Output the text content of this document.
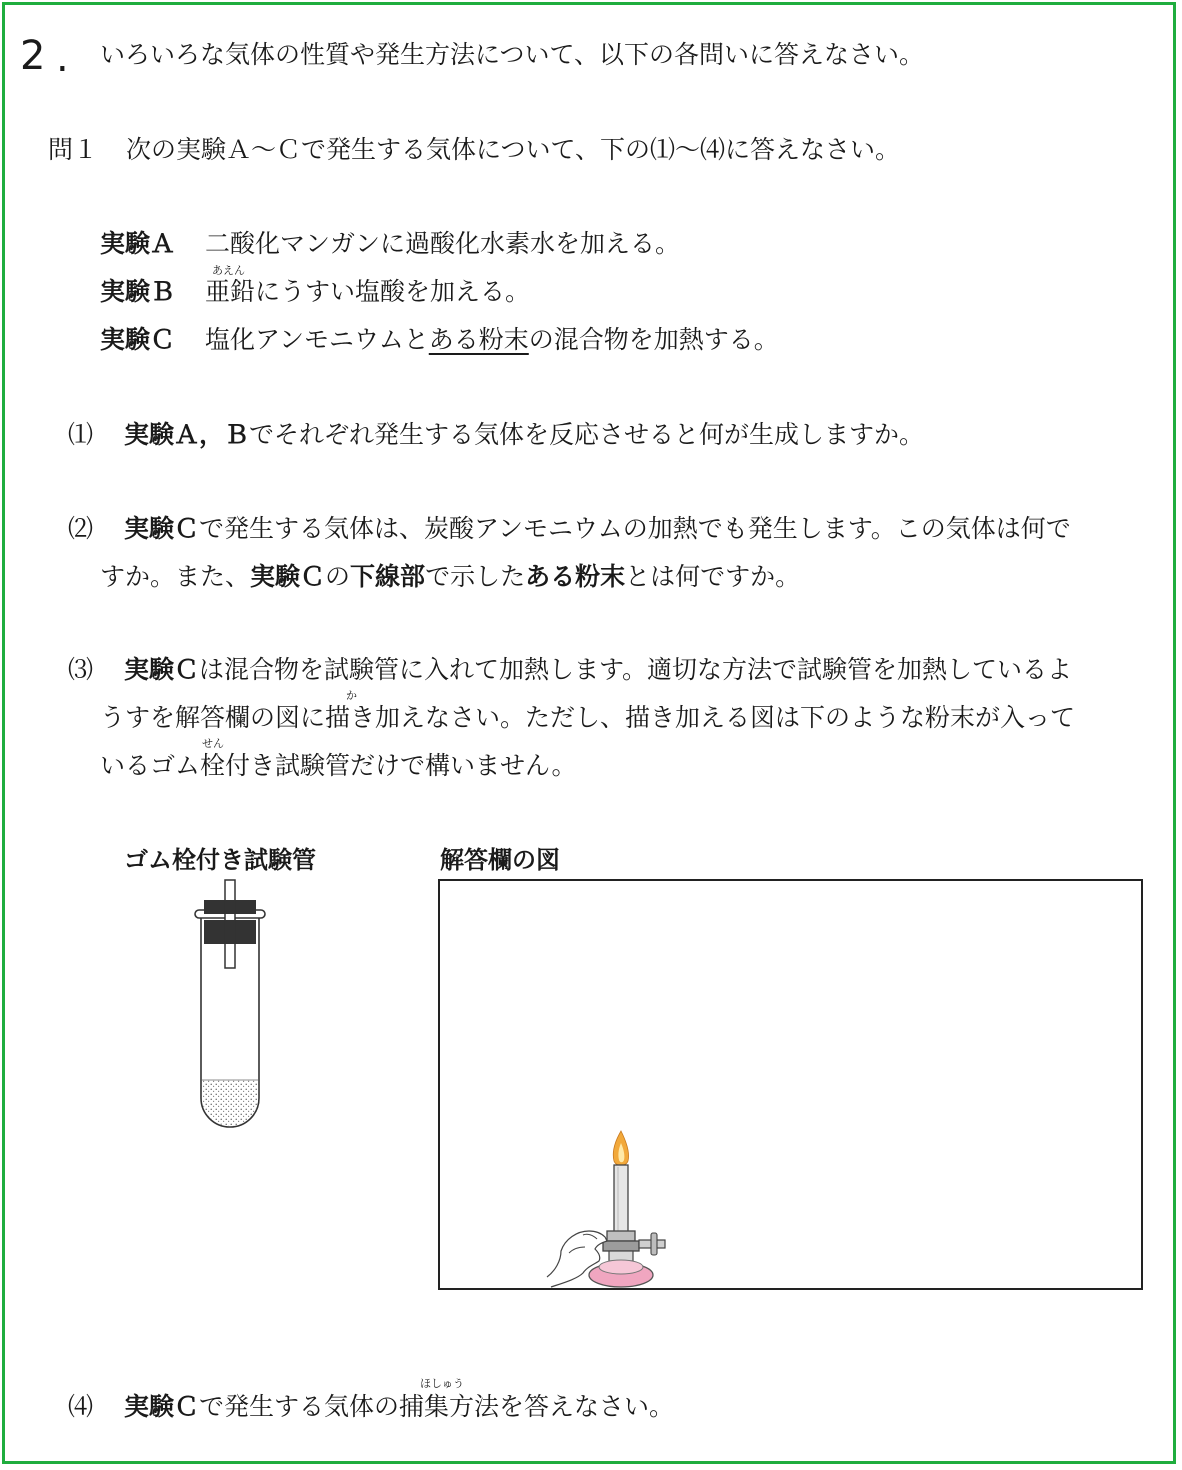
2 . いろいろな気体の性質や発生方法について、以下の各問いに答えなさい。
問１ 次の実験Ａ～Ｃで発生する気体について、下の⑴～⑷に答えなさい。
実験Ａ 二酸化マンガンに過酸化水素水を加える。
実験Ｂ
あえん
亜鉛にうすい塩酸を加える。
実験Ｃ 塩化アンモニウムとある粉末の混合物を加熱する。
⑴ 実験Ａ，Ｂでそれぞれ発生する気体を反応させると何が生成しますか。
⑵ 実験Ｃで発生する気体は、炭酸アンモニウムの加熱でも発生します。この気体は何で
すか。また、実験Ｃの下線部で示したある粉末とは何ですか。
⑶ 実験Ｃは混合物を試験管に入れて加熱します。適切な方法で試験管を加熱しているよ
か
うすを解答欄の図に描き加えなさい。ただし、描き加える図は下のような粉末が入って
せん
いるゴム栓付き試験管だけで構いません。
ゴム栓付き試験管	解答欄の図
⑷
ほしゅう
実験Ｃで発生する気体の捕集方法を答えなさい。
